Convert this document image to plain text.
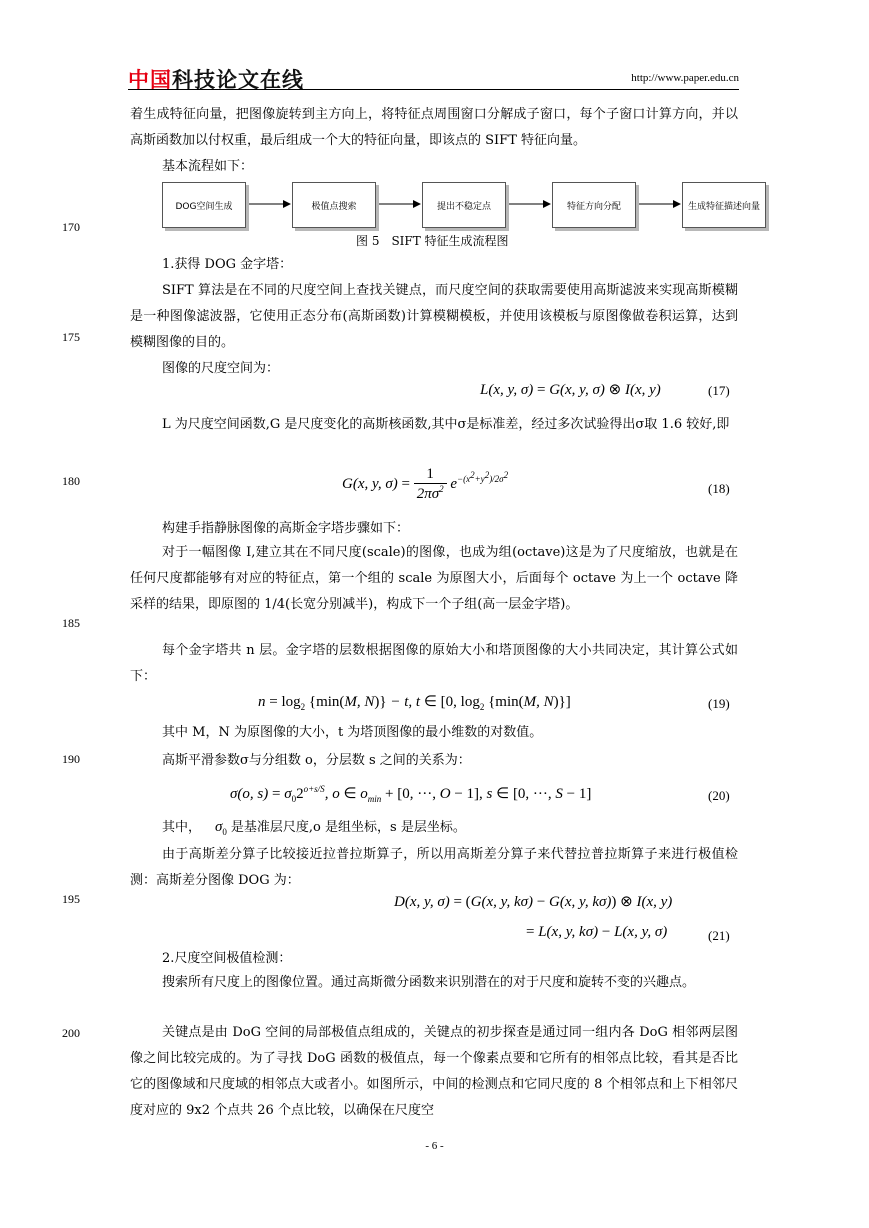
中国科技论文在线	http://www.paper.edu.cn
着生成特征向量，把图像旋转到主方向上，将特征点周围窗口分解成子窗口，每个子窗口计算方向，并以高斯函数加以付权重，最后组成一个大的特征向量，即该点的 SIFT 特征向量。
基本流程如下：
DOG空间生成	极值点搜索	提出不稳定点	特征方向分配	生成特征描述向量
图 5　SIFT 特征生成流程图
170
175
180
185
190
195
200
1.获得 DOG 金字塔：
SIFT 算法是在不同的尺度空间上查找关键点，而尺度空间的获取需要使用高斯滤波来实现高斯模糊是一种图像滤波器，它使用正态分布(高斯函数)计算模糊模板，并使用该模板与原图像做卷积运算，达到模糊图像的目的。
图像的尺度空间为：
L(x, y, σ) = G(x, y, σ) ⊗ I(x, y)	(17)
L 为尺度空间函数,G 是尺度变化的高斯核函数,其中σ是标准差，经过多次试验得出σ取 1.6 较好,即
G(x, y, $\sigma) = \frac{1}{2\pi\sigma^2} e^{-(x^2+y^2)/2\sigma^2}$
(18)
构建手指静脉图像的高斯金字塔步骤如下：
对于一幅图像 I,建立其在不同尺度(scale)的图像，也成为组(octave)这是为了尺度缩放，也就是在任何尺度都能够有对应的特征点，第一个组的 scale 为原图大小，后面每个 octave 为上一个 octave 降采样的结果，即原图的 1/4(长宽分别减半)，构成下一个子组(高一层金字塔)。
每个金字塔共 n 层。金字塔的层数根据图像的原始大小和塔顶图像的大小共同决定，其计算公式如下：
$n = \log_2 \{\min(M$, N)} − t, t ∈ [0, $\log_2 \{\min(M$, N)}]	(19)
其中 M，N 为原图像的大小，t 为塔顶图像的最小维数的对数值。
高斯平滑参数σ与分组数 o，分层数 s 之间的关系为：
σ(o, $s) = \sigma_02^{o+s/S}$, o ∈ $o_{min} + [0$, ···, O − 1], s ∈ [0, ···, S − 1]	(20)
其中， $\sigma_0$ 是基准层尺度,o 是组坐标，s 是层坐标。
由于高斯差分算子比较接近拉普拉斯算子，所以用高斯差分算子来代替拉普拉斯算子来进行极值检测：高斯差分图像 DOG 为：
D(x, y, σ) = (G(x, y, kσ) − G(x, y, kσ)) ⊗ I(x, y)
= L(x, y, kσ) − L(x, y, σ)	(21)
2.尺度空间极值检测：
搜索所有尺度上的图像位置。通过高斯微分函数来识别潜在的对于尺度和旋转不变的兴趣点。
关键点是由 DoG 空间的局部极值点组成的，关键点的初步探查是通过同一组内各 DoG 相邻两层图像之间比较完成的。为了寻找 DoG 函数的极值点，每一个像素点要和它所有的相邻点比较，看其是否比它的图像域和尺度域的相邻点大或者小。如图所示，中间的检测点和它同尺度的 8 个相邻点和上下相邻尺度对应的 9x2 个点共 26 个点比较，以确保在尺度空
- 6 -
